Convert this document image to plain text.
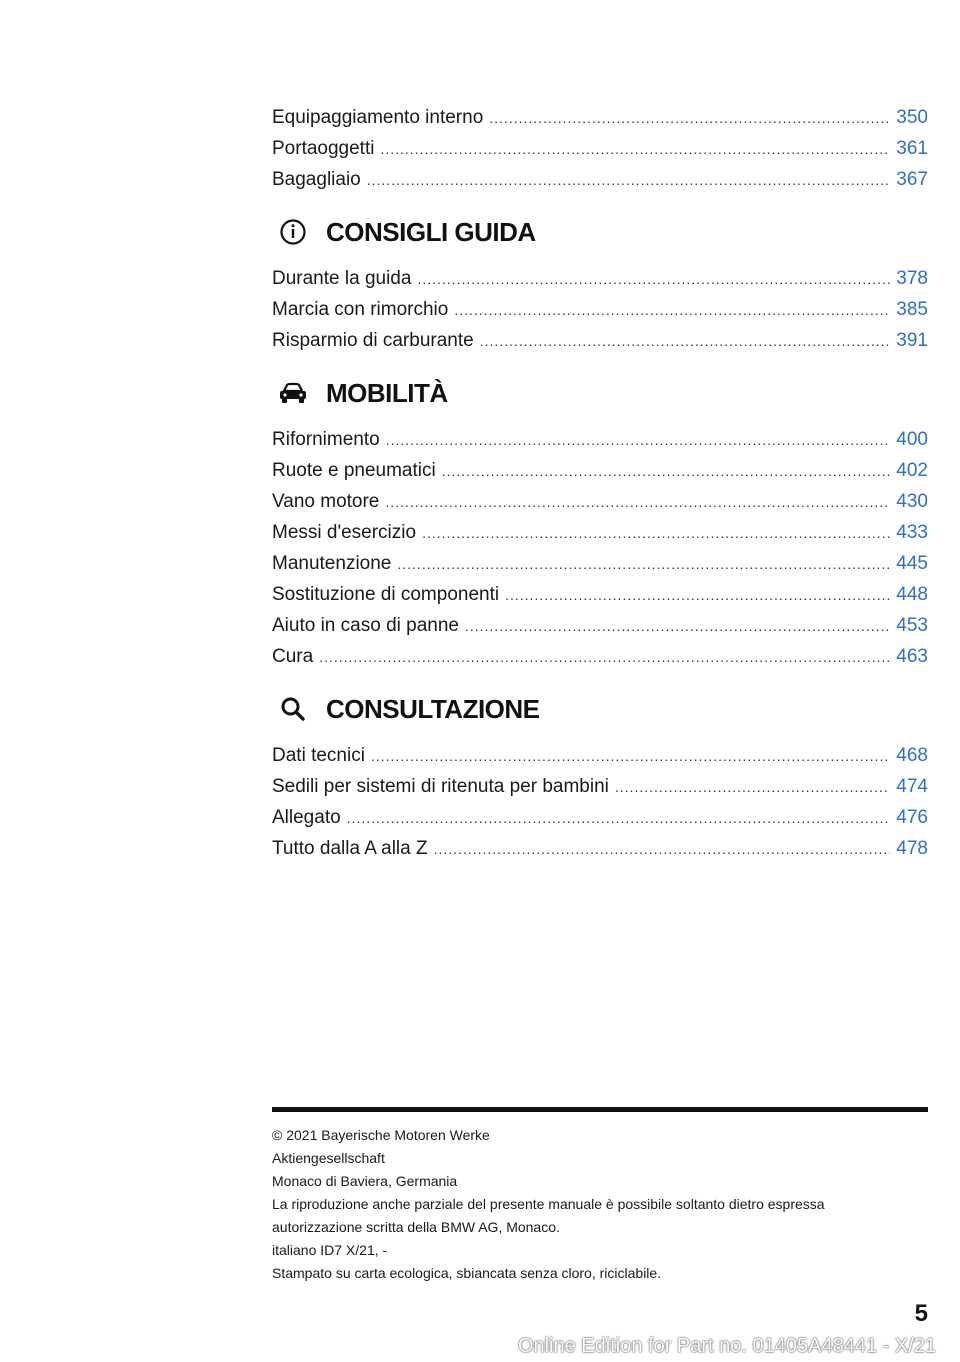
Equipaggiamento interno .....	350
Portaoggetti .....	361
Bagagliaio .....	367
CONSIGLI GUIDA
Durante la guida .....	378
Marcia con rimorchio .....	385
Risparmio di carburante .....	391
MOBILITÀ
Rifornimento .....	400
Ruote e pneumatici .....	402
Vano motore .....	430
Messi d'esercizio .....	433
Manutenzione .....	445
Sostituzione di componenti .....	448
Aiuto in caso di panne .....	453
Cura .....	463
CONSULTAZIONE
Dati tecnici .....	468
Sedili per sistemi di ritenuta per bambini .....	474
Allegato .....	476
Tutto dalla A alla Z .....	478
© 2021 Bayerische Motoren Werke
Aktiengesellschaft
Monaco di Baviera, Germania
La riproduzione anche parziale del presente manuale è possibile soltanto dietro espressa
autorizzazione scritta della BMW AG, Monaco.
italiano ID7 X/21, -
Stampato su carta ecologica, sbiancata senza cloro, riciclabile.
5
Online Edition for Part no. 01405A48441 - X/21
